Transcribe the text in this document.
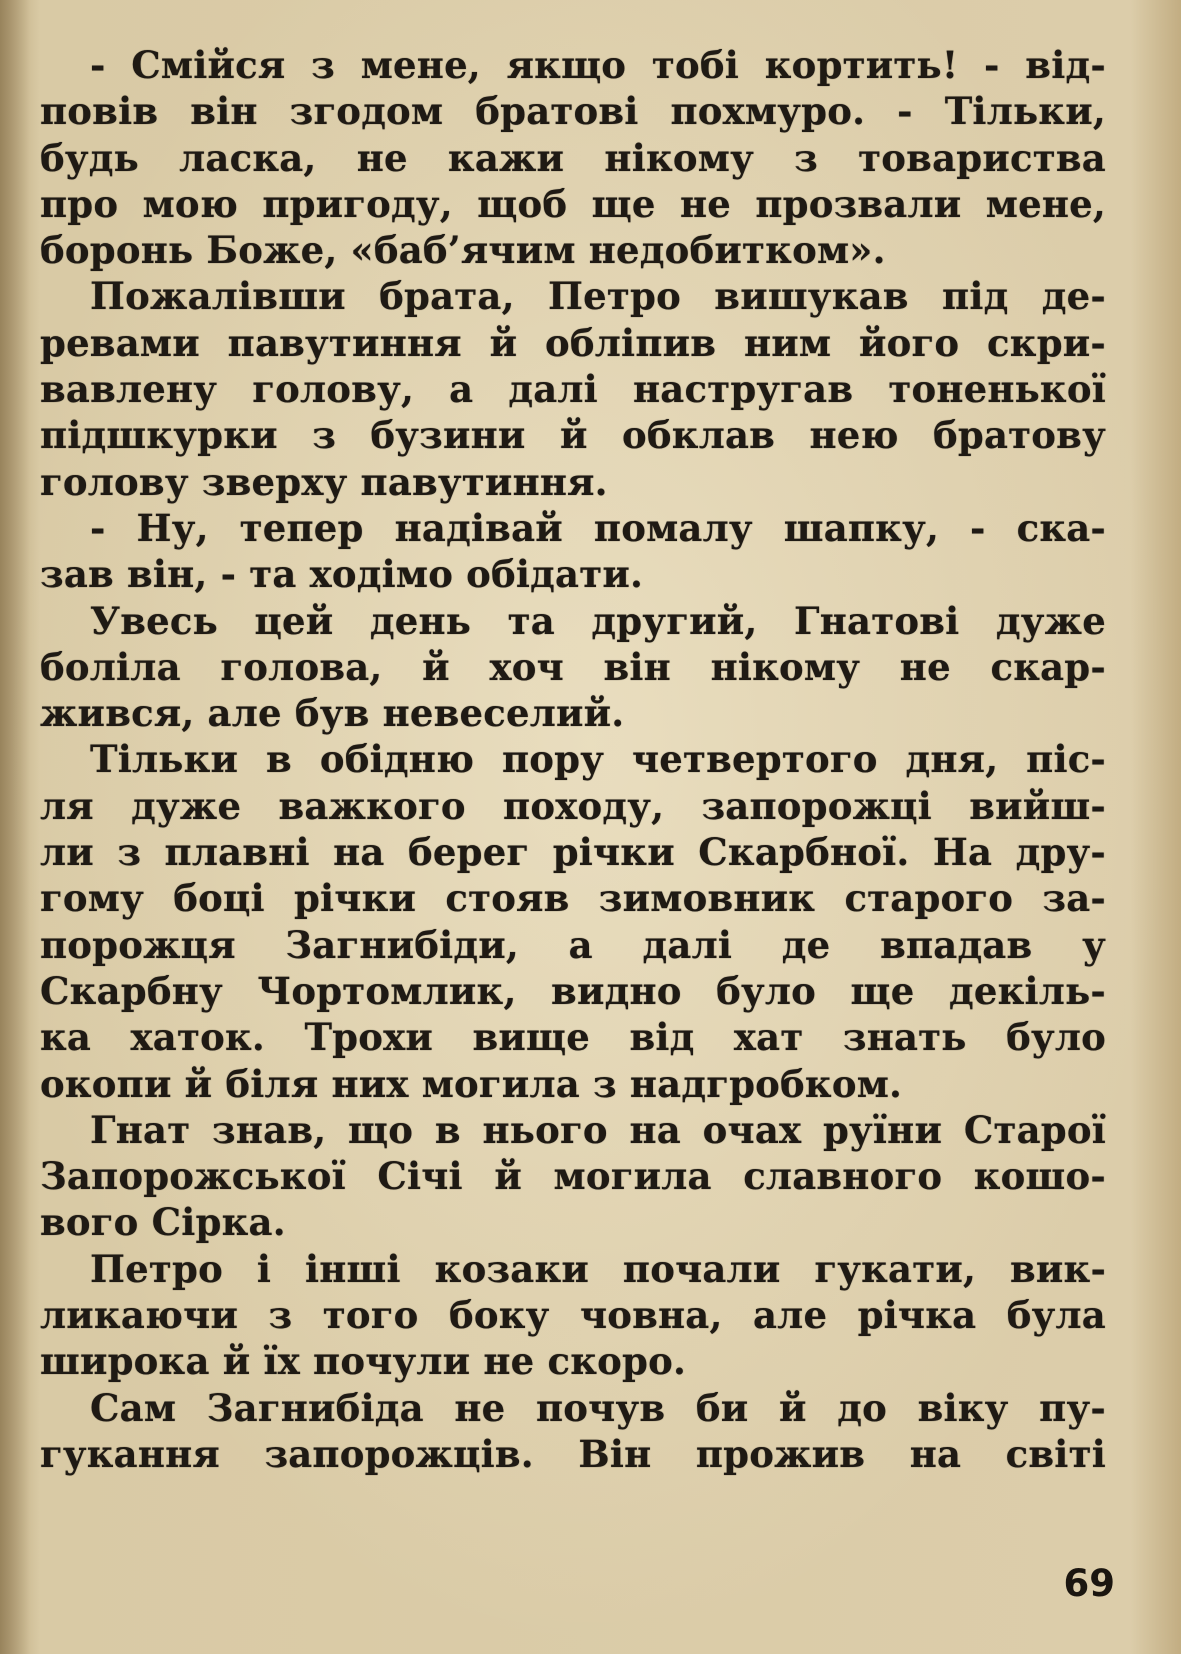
- Смійся з мене, якщо тобі кортить! - від-
повів він згодом братові похмуро. - Тільки,
будь ласка, не кажи нікому з товариства
про мою пригоду, щоб ще не прозвали мене,
боронь Боже, «баб’ячим недобитком».
Пожалівши брата, Петро вишукав під де-
ревами павутиння й обліпив ним його скри-
вавлену голову, а далі настругав тоненької
підшкурки з бузини й обклав нею братову
голову зверху павутиння.
- Ну, тепер надівай помалу шапку, - ска-
зав він, - та ходімо обідати.
Увесь цей день та другий, Гнатові дуже
боліла голова, й хоч він нікому не скар-
жився, але був невеселий.
Тільки в обідню пору четвертого дня, піс-
ля дуже важкого походу, запорожці вийш-
ли з плавні на берег річки Скарбної. На дру-
гому боці річки стояв зимовник старого за-
порожця Загнибіди, а далі де впадав у
Скарбну Чортомлик, видно було ще декіль-
ка хаток. Трохи вище від хат знать було
окопи й біля них могила з надгробком.
Гнат знав, що в нього на очах руїни Старої
Запорожської Січі й могила славного кошо-
вого Сірка.
Петро і інші козаки почали гукати, вик-
ликаючи з того боку човна, але річка була
широка й їх почули не скоро.
Сам Загнибіда не почув би й до віку пу-
гукання запорожців. Він прожив на світі
69
